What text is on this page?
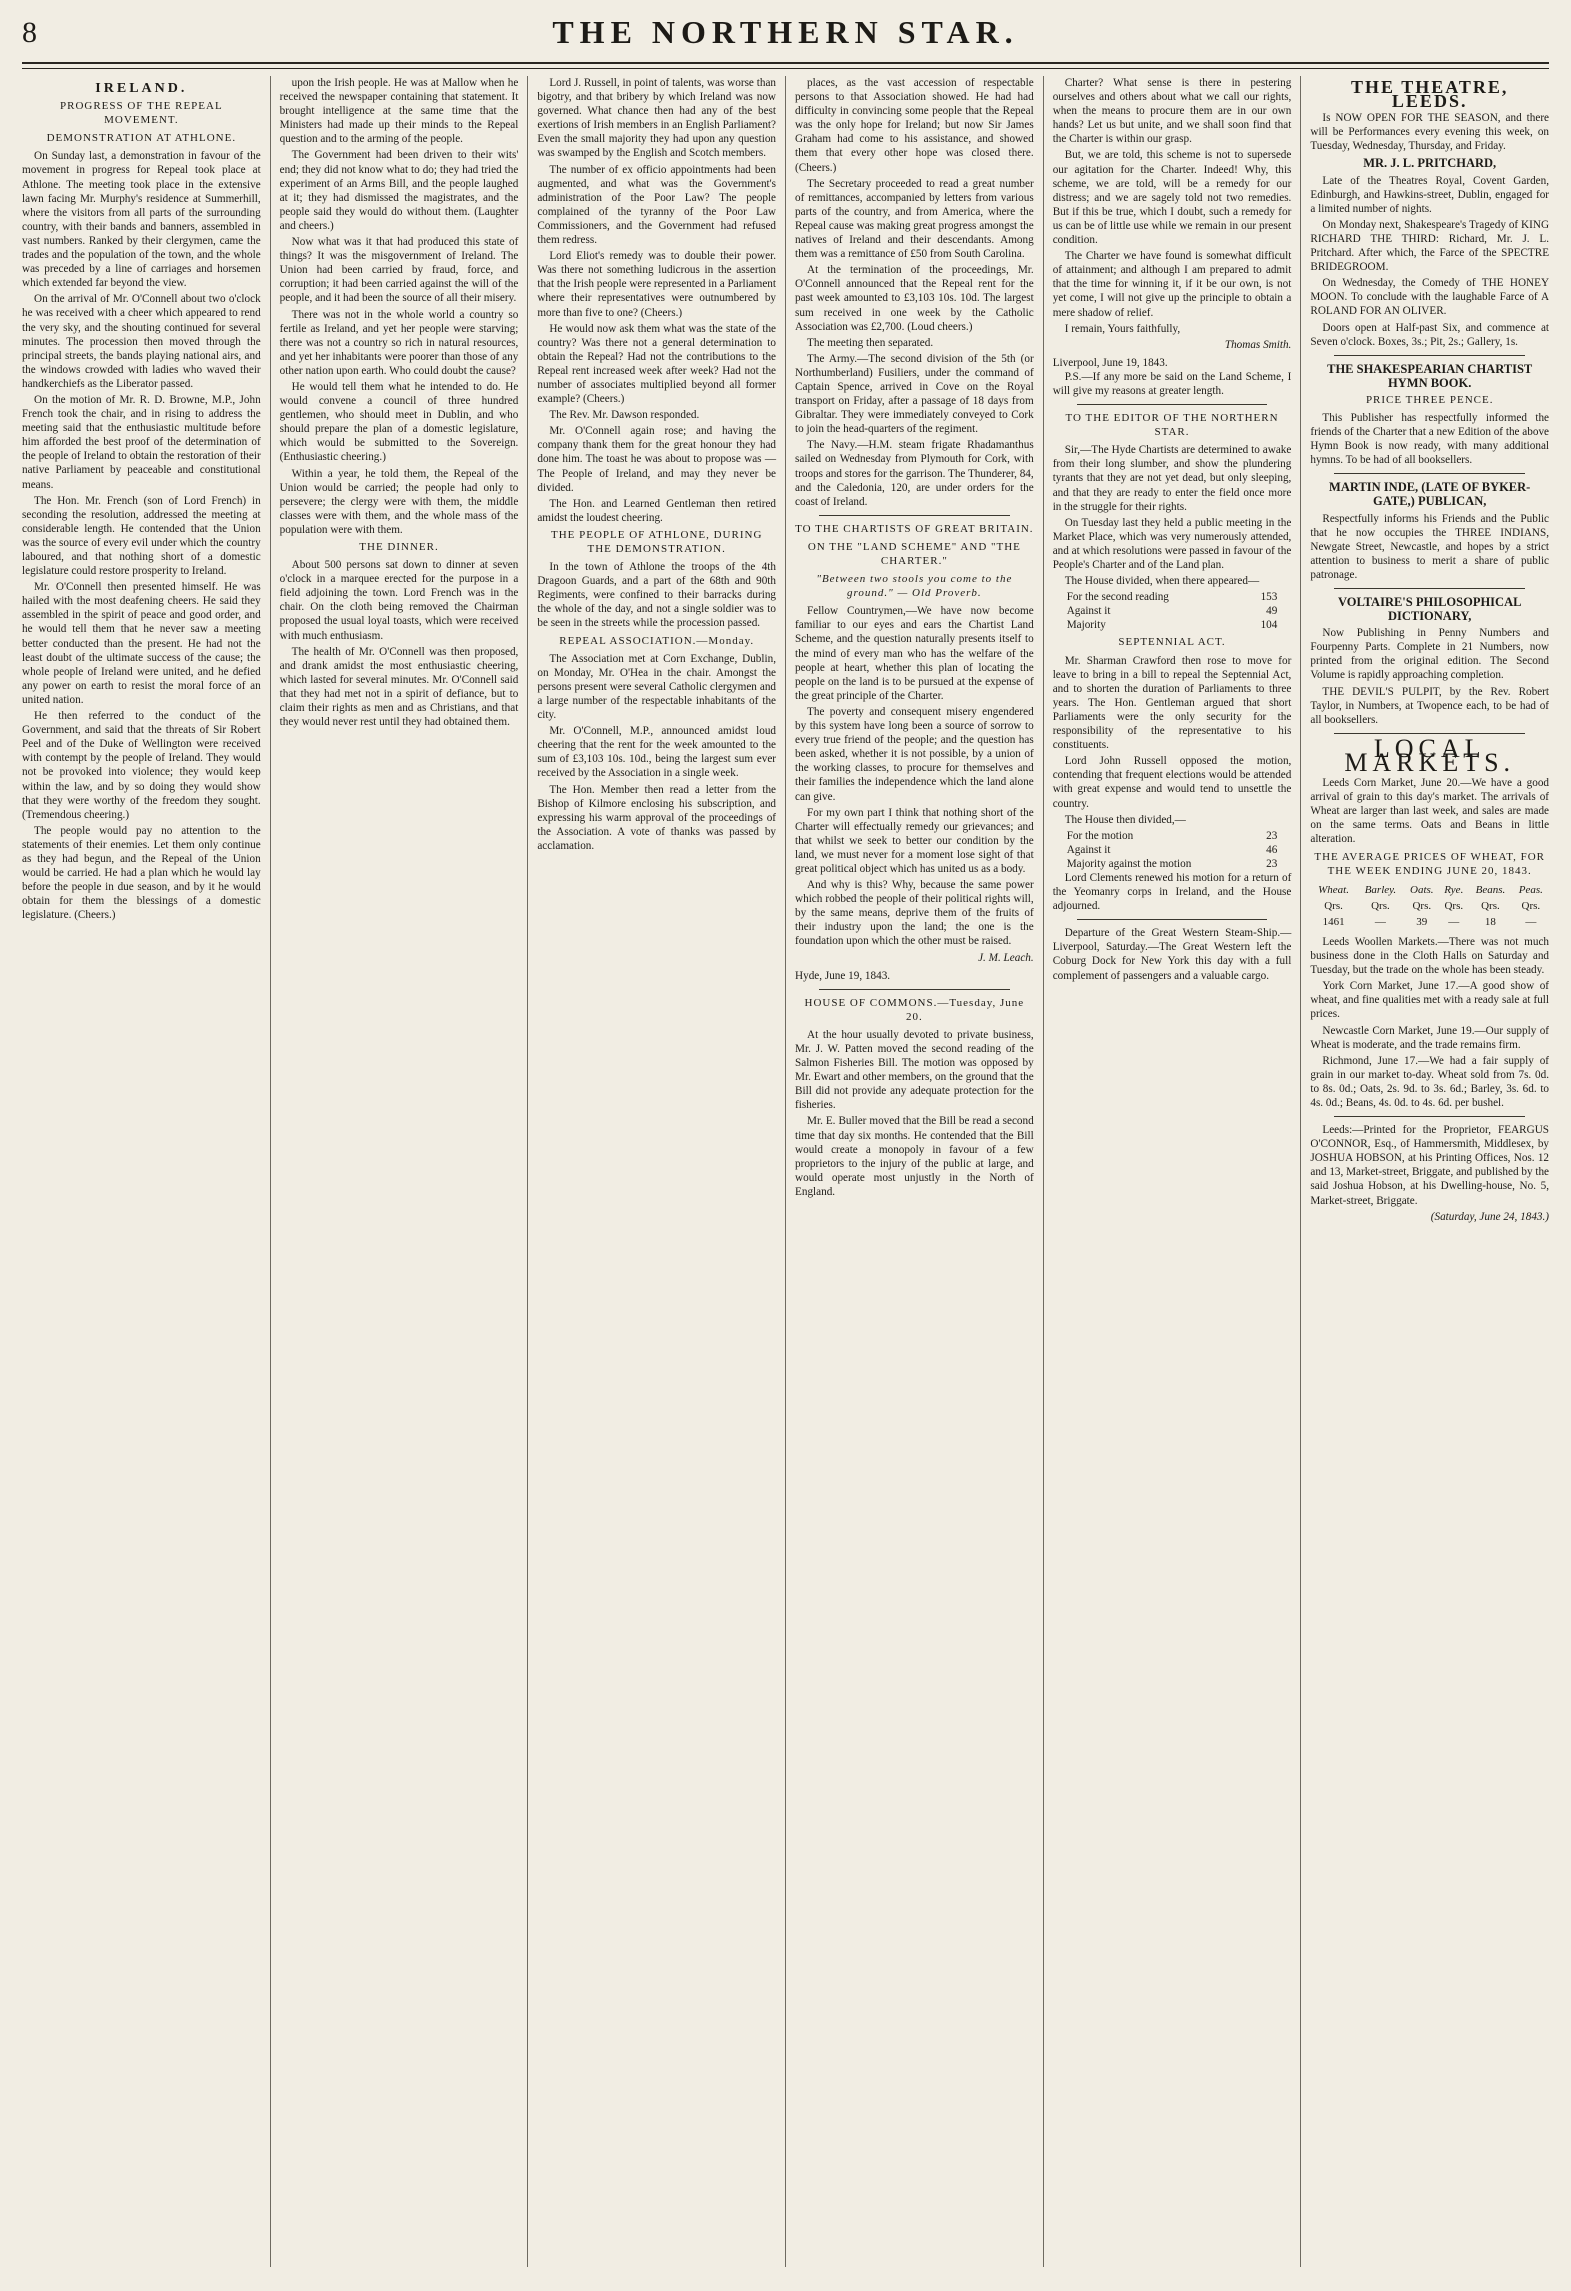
8	THE NORTHERN STAR.
IRELAND.
PROGRESS OF THE REPEAL MOVEMENT.
DEMONSTRATION AT ATHLONE.

On Sunday last, a demonstration in favour of the movement in progress for Repeal took place at Athlone. The meeting took place in the extensive lawn facing Mr. Murphy's residence at Summerhill, where the visitors from all parts of the surrounding country, with their bands and banners, assembled in vast numbers. Ranked by their clergymen, came the trades and the population of the town, and the whole was preceded by a line of carriages and horsemen which extended far beyond the view.

On the arrival of Mr. O'Connell about two o'clock he was received with a cheer which appeared to rend the very sky, and the shouting continued for several minutes. The procession then moved through the principal streets, the bands playing national airs, and the windows crowded with ladies who waved their handkerchiefs as the Liberator passed.

On the motion of Mr. R. D. Browne, M.P., John French took the chair, and in rising to address the meeting said that the enthusiastic multitude before him afforded the best proof of the determination of the people of Ireland to obtain the restoration of their native Parliament by peaceable and constitutional means.

The Hon. Mr. French (son of Lord French) in seconding the resolution, addressed the meeting at considerable length. He contended that the Union was the source of every evil under which the country laboured, and that nothing short of a domestic legislature could restore prosperity to Ireland.

Mr. O'Connell then presented himself. He was hailed with the most deafening cheers. He said they assembled in the spirit of peace and good order, and he would tell them that he never saw a meeting better conducted than the present. He had not the least doubt of the ultimate success of the cause; the whole people of Ireland were united, and he defied any power on earth to resist the moral force of an united nation.

He then referred to the conduct of the Government, and said that the threats of Sir Robert Peel and of the Duke of Wellington were received with contempt by the people of Ireland. They would not be provoked into violence; they would keep within the law, and by so doing they would show that they were worthy of the freedom they sought. (Tremendous cheering.)

The people would pay no attention to the statements of their enemies. Let them only continue as they had begun, and the Repeal of the Union would be carried. He had a plan which he would lay before the people in due season, and by it he would obtain for them the blessings of a domestic legislature. (Cheers.)

upon the Irish people. He was at Mallow when he received the newspaper containing that statement. It brought intelligence at the same time that the Ministers had made up their minds to the Repeal question and to the arming of the people.

The Government had been driven to their wits' end; they did not know what to do; they had tried the experiment of an Arms Bill, and the people laughed at it; they had dismissed the magistrates, and the people said they would do without them. (Laughter and cheers.)

Now what was it that had produced this state of things? It was the misgovernment of Ireland. The Union had been carried by fraud, force, and corruption; it had been carried against the will of the people, and it had been the source of all their misery.

There was not in the whole world a country so fertile as Ireland, and yet her people were starving; there was not a country so rich in natural resources, and yet her inhabitants were poorer than those of any other nation upon earth. Who could doubt the cause?

He would tell them what he intended to do. He would convene a council of three hundred gentlemen, who should meet in Dublin, and who should prepare the plan of a domestic legislature, which would be submitted to the Sovereign. (Enthusiastic cheering.)

Within a year, he told them, the Repeal of the Union would be carried; the people had only to persevere; the clergy were with them, the middle classes were with them, and the whole mass of the population were with them.

THE DINNER.

About 500 persons sat down to dinner at seven o'clock in a marquee erected for the purpose in a field adjoining the town. Lord French was in the chair. On the cloth being removed the Chairman proposed the usual loyal toasts, which were received with much enthusiasm.

The health of Mr. O'Connell was then proposed, and drank amidst the most enthusiastic cheering, which lasted for several minutes. Mr. O'Connell said that they had met not in a spirit of defiance, but to claim their rights as men and as Christians, and that they would never rest until they had obtained them.

Lord J. Russell, in point of talents, was worse than bigotry, and that bribery by which Ireland was now governed. What chance then had any of the best exertions of Irish members in an English Parliament? Even the small majority they had upon any question was swamped by the English and Scotch members.

The number of ex officio appointments had been augmented, and what was the Government's administration of the Poor Law? The people complained of the tyranny of the Poor Law Commissioners, and the Government had refused them redress.

Lord Eliot's remedy was to double their power. Was there not something ludicrous in the assertion that the Irish people were represented in a Parliament where their representatives were outnumbered by more than five to one? (Cheers.)

He would now ask them what was the state of the country? Was there not a general determination to obtain the Repeal? Had not the contributions to the Repeal rent increased week after week? Had not the number of associates multiplied beyond all former example? (Cheers.)

The Rev. Mr. Dawson responded.

Mr. O'Connell again rose; and having the company thank them for the great honour they had done him. The toast he was about to propose was — The People of Ireland, and may they never be divided.

The Hon. and Learned Gentleman then retired amidst the loudest cheering.

THE PEOPLE OF ATHLONE, DURING THE DEMONSTRATION.

In the town of Athlone the troops of the 4th Dragoon Guards, and a part of the 68th and 90th Regiments, were confined to their barracks during the whole of the day, and not a single soldier was to be seen in the streets while the procession passed.

REPEAL ASSOCIATION.—Monday.

The Association met at Corn Exchange, Dublin, on Monday, Mr. O'Hea in the chair. Amongst the persons present were several Catholic clergymen and a large number of the respectable inhabitants of the city.

Mr. O'Connell, M.P., announced amidst loud cheering that the rent for the week amounted to the sum of £3,103 10s. 10d., being the largest sum ever received by the Association in a single week.

The Hon. Member then read a letter from the Bishop of Kilmore enclosing his subscription, and expressing his warm approval of the proceedings of the Association. A vote of thanks was passed by acclamation.

places, as the vast accession of respectable persons to that Association showed. He had had difficulty in convincing some people that the Repeal was the only hope for Ireland; but now Sir James Graham had come to his assistance, and showed them that every other hope was closed there. (Cheers.)

The Secretary proceeded to read a great number of remittances, accompanied by letters from various parts of the country, and from America, where the Repeal cause was making great progress amongst the natives of Ireland and their descendants. Among them was a remittance of £50 from South Carolina.

At the termination of the proceedings, Mr. O'Connell announced that the Repeal rent for the past week amounted to £3,103 10s. 10d. The largest sum received in one week by the Catholic Association was £2,700. (Loud cheers.)

The meeting then separated.

The Army.—The second division of the 5th (or Northumberland) Fusiliers, under the command of Captain Spence, arrived in Cove on the Royal transport on Friday, after a passage of 18 days from Gibraltar. They were immediately conveyed to Cork to join the head-quarters of the regiment.

The Navy.—H.M. steam frigate Rhadamanthus sailed on Wednesday from Plymouth for Cork, with troops and stores for the garrison. The Thunderer, 84, and the Caledonia, 120, are under orders for the coast of Ireland.

TO THE CHARTISTS OF GREAT BRITAIN.
ON THE "LAND SCHEME" AND "THE CHARTER."
"Between two stools you come to the ground." — Old Proverb.

Fellow Countrymen,—We have now become familiar to our eyes and ears the Chartist Land Scheme, and the question naturally presents itself to the mind of every man who has the welfare of the people at heart, whether this plan of locating the people on the land is to be pursued at the expense of the great principle of the Charter.

The poverty and consequent misery engendered by this system have long been a source of sorrow to every true friend of the people; and the question has been asked, whether it is not possible, by a union of the working classes, to procure for themselves and their families the independence which the land alone can give.

For my own part I think that nothing short of the Charter will effectually remedy our grievances; and that whilst we seek to better our condition by the land, we must never for a moment lose sight of that great political object which has united us as a body.

And why is this? Why, because the same power which robbed the people of their political rights will, by the same means, deprive them of the fruits of their industry upon the land; the one is the foundation upon which the other must be raised.

J. M. Leach.
Hyde, June 19, 1843.
HOUSE OF COMMONS.—Tuesday, June 20.

At the hour usually devoted to private business, Mr. J. W. Patten moved the second reading of the Salmon Fisheries Bill. The motion was opposed by Mr. Ewart and other members, on the ground that the Bill did not provide any adequate protection for the fisheries.

Mr. E. Buller moved that the Bill be read a second time that day six months. He contended that the Bill would create a monopoly in favour of a few proprietors to the injury of the public at large, and would operate most unjustly in the North of England.

Charter? What sense is there in pestering ourselves and others about what we call our rights, when the means to procure them are in our own hands? Let us but unite, and we shall soon find that the Charter is within our grasp.

But, we are told, this scheme is not to supersede our agitation for the Charter. Indeed! Why, this scheme, we are told, will be a remedy for our distress; and we are sagely told not two remedies. But if this be true, which I doubt, such a remedy for us can be of little use while we remain in our present condition.

The Charter we have found is somewhat difficult of attainment; and although I am prepared to admit that the time for winning it, if it be our own, is not yet come, I will not give up the principle to obtain a mere shadow of relief.

I remain, Yours faithfully,

Thomas Smith.
Liverpool, June 19, 1843.

P.S.—If any more be said on the Land Scheme, I will give my reasons at greater length.

TO THE EDITOR OF THE NORTHERN STAR.

Sir,—The Hyde Chartists are determined to awake from their long slumber, and show the plundering tyrants that they are not yet dead, but only sleeping, and that they are ready to enter the field once more in the struggle for their rights.

On Tuesday last they held a public meeting in the Market Place, which was very numerously attended, and at which resolutions were passed in favour of the People's Charter and of the Land plan.

The House divided, when there appeared—

For the second reading	153
Against it	49
Majority	104
SEPTENNIAL ACT.

Mr. Sharman Crawford then rose to move for leave to bring in a bill to repeal the Septennial Act, and to shorten the duration of Parliaments to three years. The Hon. Gentleman argued that short Parliaments were the only security for the responsibility of the representative to his constituents.

Lord John Russell opposed the motion, contending that frequent elections would be attended with great expense and would tend to unsettle the country.

The House then divided,—

For the motion	23
Against it	46
Majority against the motion	23

Lord Clements renewed his motion for a return of the Yeomanry corps in Ireland, and the House adjourned.

Departure of the Great Western Steam-Ship.—Liverpool, Saturday.—The Great Western left the Coburg Dock for New York this day with a full complement of passengers and a valuable cargo.

THE THEATRE, LEEDS.

Is NOW OPEN FOR THE SEASON, and there will be Performances every evening this week, on Tuesday, Wednesday, Thursday, and Friday.

MR. J. L. PRITCHARD,

Late of the Theatres Royal, Covent Garden, Edinburgh, and Hawkins-street, Dublin, engaged for a limited number of nights.

On Monday next, Shakespeare's Tragedy of KING RICHARD THE THIRD: Richard, Mr. J. L. Pritchard. After which, the Farce of the SPECTRE BRIDEGROOM.

On Wednesday, the Comedy of THE HONEY MOON. To conclude with the laughable Farce of A ROLAND FOR AN OLIVER.

Doors open at Half-past Six, and commence at Seven o'clock. Boxes, 3s.; Pit, 2s.; Gallery, 1s.

THE SHAKESPEARIAN CHARTIST HYMN BOOK.
PRICE THREE PENCE.

This Publisher has respectfully informed the friends of the Charter that a new Edition of the above Hymn Book is now ready, with many additional hymns. To be had of all booksellers.

MARTIN INDE, (LATE OF BYKER-GATE,) PUBLICAN,

Respectfully informs his Friends and the Public that he now occupies the THREE INDIANS, Newgate Street, Newcastle, and hopes by a strict attention to business to merit a share of public patronage.

VOLTAIRE'S PHILOSOPHICAL DICTIONARY,

Now Publishing in Penny Numbers and Fourpenny Parts. Complete in 21 Numbers, now printed from the original edition. The Second Volume is rapidly approaching completion.

THE DEVIL'S PULPIT, by the Rev. Robert Taylor, in Numbers, at Twopence each, to be had of all booksellers.

LOCAL MARKETS.

Leeds Corn Market, June 20.—We have a good arrival of grain to this day's market. The arrivals of Wheat are larger than last week, and sales are made on the same terms. Oats and Beans in little alteration.

THE AVERAGE PRICES OF WHEAT, FOR THE WEEK ENDING JUNE 20, 1843.
Wheat.	Barley.	Oats.	Rye.	Beans.	Peas.
Qrs.	Qrs.	Qrs.	Qrs.	Qrs.	Qrs.
1461	—	39	—	18	—

Leeds Woollen Markets.—There was not much business done in the Cloth Halls on Saturday and Tuesday, but the trade on the whole has been steady.

York Corn Market, June 17.—A good show of wheat, and fine qualities met with a ready sale at full prices.

Newcastle Corn Market, June 19.—Our supply of Wheat is moderate, and the trade remains firm.

Richmond, June 17.—We had a fair supply of grain in our market to-day. Wheat sold from 7s. 0d. to 8s. 0d.; Oats, 2s. 9d. to 3s. 6d.; Barley, 3s. 6d. to 4s. 0d.; Beans, 4s. 0d. to 4s. 6d. per bushel.

Leeds:—Printed for the Proprietor, FEARGUS O'CONNOR, Esq., of Hammersmith, Middlesex, by JOSHUA HOBSON, at his Printing Offices, Nos. 12 and 13, Market-street, Briggate, and published by the said Joshua Hobson, at his Dwelling-house, No. 5, Market-street, Briggate.

(Saturday, June 24, 1843.)
